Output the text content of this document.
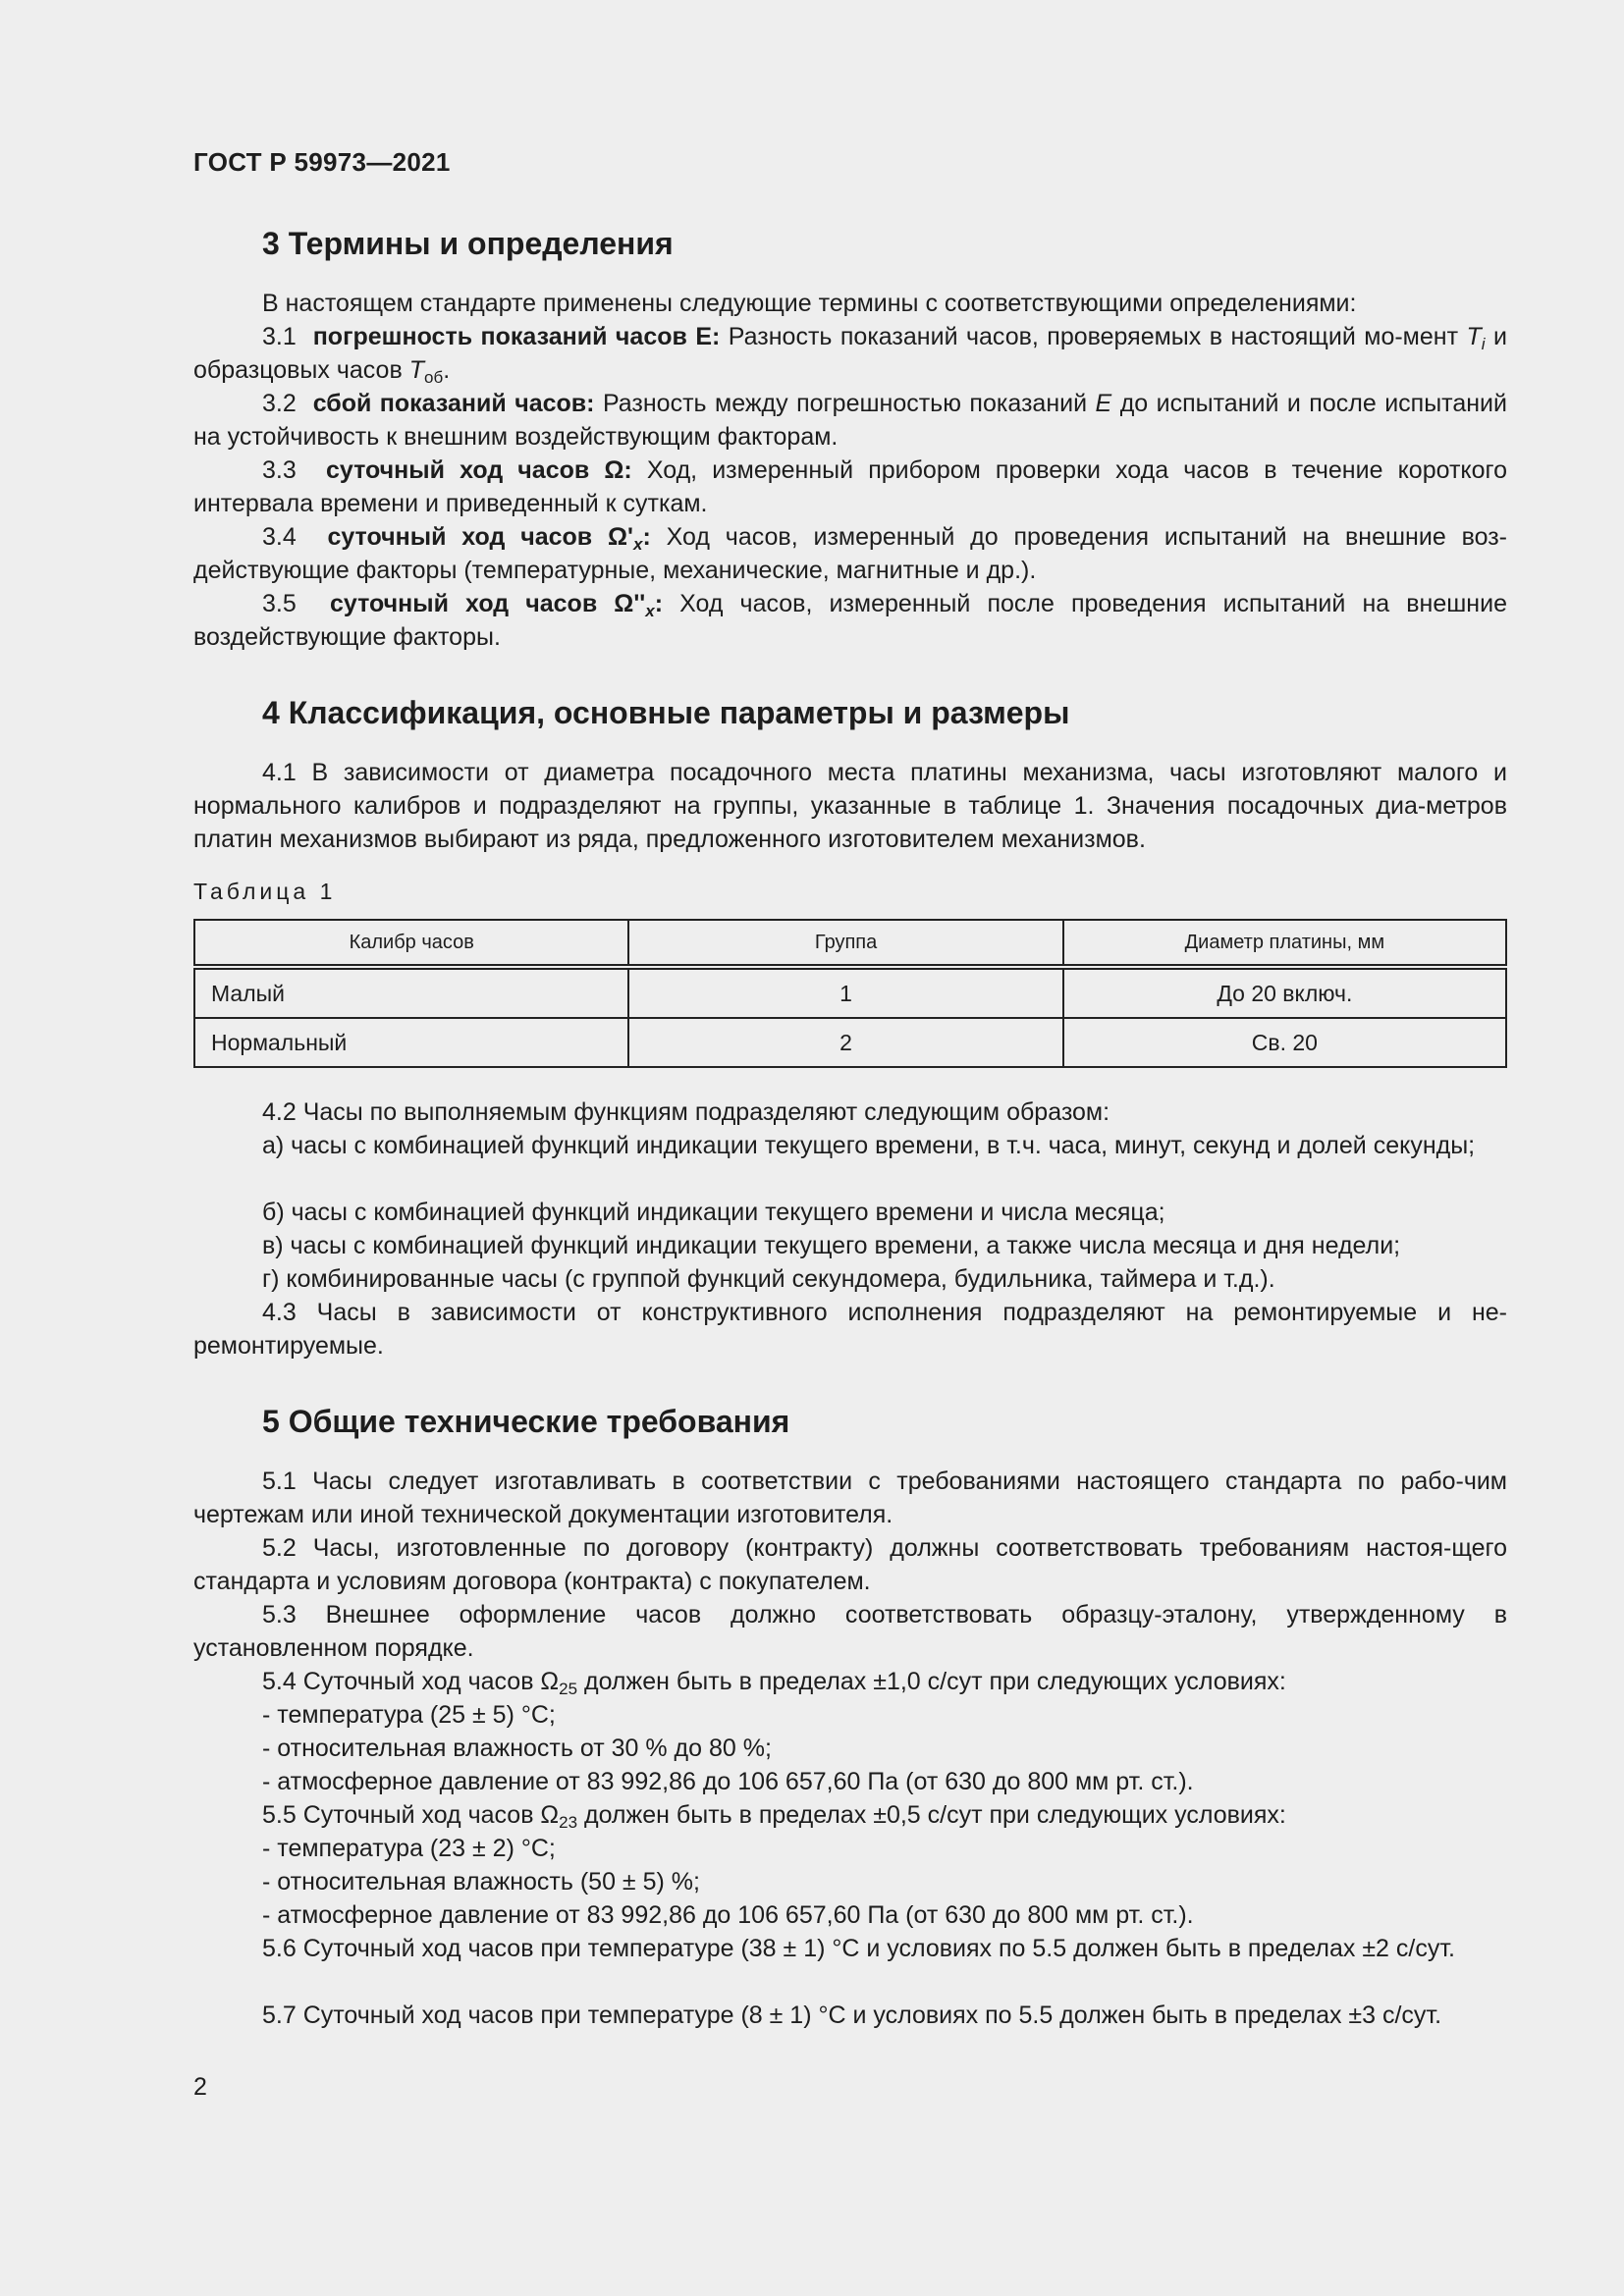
ГОСТ Р 59973—2021
3 Термины и определения
В настоящем стандарте применены следующие термины с соответствующими определениями:
3.1 погрешность показаний часов E: Разность показаний часов, проверяемых в настоящий мо-мент $T_i$ и образцовых часов $T_{об}$.
3.2 сбой показаний часов: Разность между погрешностью показаний E до испытаний и после испытаний на устойчивость к внешним воздействующим факторам.
3.3 суточный ход часов Ω: Ход, измеренный прибором проверки хода часов в течение короткого интервала времени и приведенный к суткам.
3.4 суточный ход часов $\Omega'_x$: Ход часов, измеренный до проведения испытаний на внешние воз-действующие факторы (температурные, механические, магнитные и др.).
3.5 суточный ход часов $\Omega''_x$: Ход часов, измеренный после проведения испытаний на внешние воздействующие факторы.
4 Классификация, основные параметры и размеры
4.1 В зависимости от диаметра посадочного места платины механизма, часы изготовляют малого и нормального калибров и подразделяют на группы, указанные в таблице 1. Значения посадочных диа-метров платин механизмов выбирают из ряда, предложенного изготовителем механизмов.
Таблица 1
Калибр часов	Группа	Диаметр платины, мм
Малый	1	До 20 включ.
Нормальный	2	Св. 20
4.2 Часы по выполняемым функциям подразделяют следующим образом:
а) часы с комбинацией функций индикации текущего времени, в т.ч. часа, минут, секунд и долей секунды;
б) часы с комбинацией функций индикации текущего времени и числа месяца;
в) часы с комбинацией функций индикации текущего времени, а также числа месяца и дня недели;
г) комбинированные часы (с группой функций секундомера, будильника, таймера и т.д.).
4.3 Часы в зависимости от конструктивного исполнения подразделяют на ремонтируемые и не-ремонтируемые.
5 Общие технические требования
5.1 Часы следует изготавливать в соответствии с требованиями настоящего стандарта по рабо-чим чертежам или иной технической документации изготовителя.
5.2 Часы, изготовленные по договору (контракту) должны соответствовать требованиям настоя-щего стандарта и условиям договора (контракта) с покупателем.
5.3 Внешнее оформление часов должно соответствовать образцу-эталону, утвержденному в установленном порядке.
5.4 Суточный ход часов $\Omega_{25}$ должен быть в пределах ±1,0 с/сут при следующих условиях:
- температура (25 ± 5) °С;
- относительная влажность от 30 % до 80 %;
- атмосферное давление от 83 992,86 до 106 657,60 Па (от 630 до 800 мм рт. ст.).
5.5 Суточный ход часов $\Omega_{23}$ должен быть в пределах ±0,5 с/сут при следующих условиях:
- температура (23 ± 2) °С;
- относительная влажность (50 ± 5) %;
- атмосферное давление от 83 992,86 до 106 657,60 Па (от 630 до 800 мм рт. ст.).
5.6 Суточный ход часов при температуре (38 ± 1) °С и условиях по 5.5 должен быть в пределах ±2 с/сут.
5.7 Суточный ход часов при температуре (8 ± 1) °С и условиях по 5.5 должен быть в пределах ±3 с/сут.
2
